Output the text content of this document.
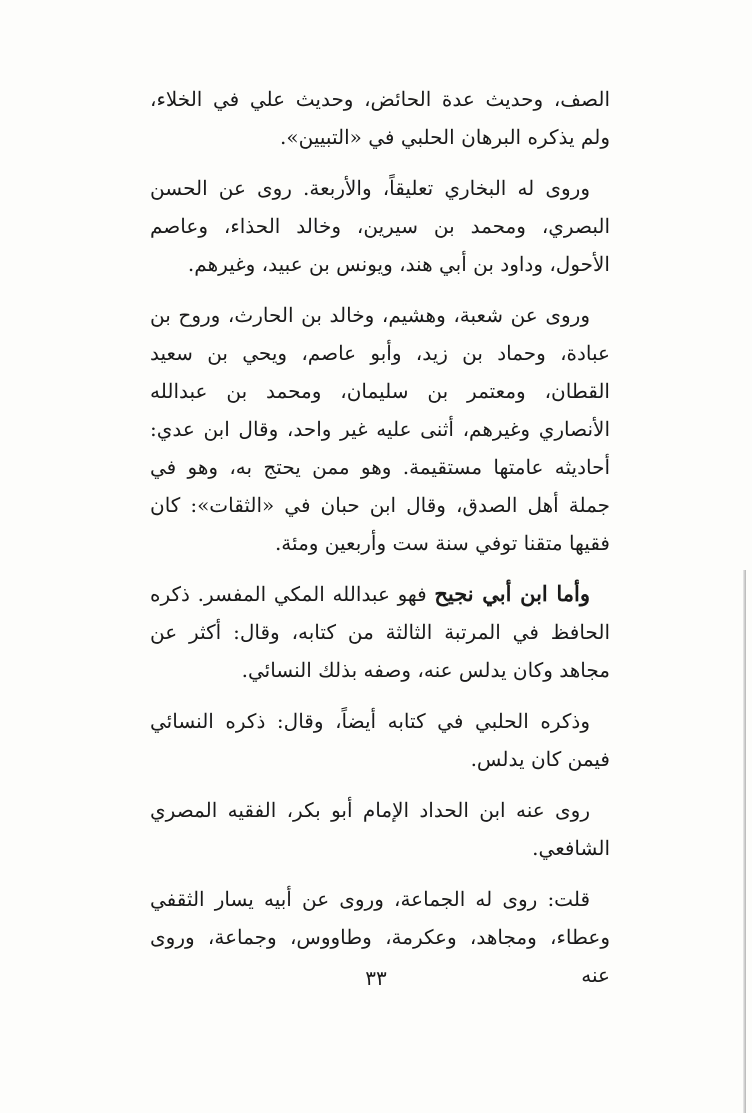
الصف، وحديث عدة الحائض، وحديث علي في الخلاء، ولم يذكره البرهان الحلبي في «التبيين».

وروى له البخاري تعليقاً، والأربعة. روى عن الحسن البصري، ومحمد بن سيرين، وخالد الحذاء، وعاصم الأحول، وداود بن أبي هند، ويونس بن عبيد، وغيرهم.

وروى عن شعبة، وهشيم، وخالد بن الحارث، وروح بن عبادة، وحماد بن زيد، وأبو عاصم، ويحي بن سعيد القطان، ومعتمر بن سليمان، ومحمد بن عبدالله الأنصاري وغيرهم، أثنى عليه غير واحد، وقال ابن عدي: أحاديثه عامتها مستقيمة. وهو ممن يحتج به، وهو في جملة أهل الصدق، وقال ابن حبان في «الثقات»: كان فقيها متقنا توفي سنة ست وأربعين ومئة.

وأما ابن أبي نجيح فهو عبدالله المكي المفسر. ذكره الحافظ في المرتبة الثالثة من كتابه، وقال: أكثر عن مجاهد وكان يدلس عنه، وصفه بذلك النسائي.

وذكره الحلبي في كتابه أيضاً، وقال: ذكره النسائي فيمن كان يدلس.

روى عنه ابن الحداد الإمام أبو بكر، الفقيه المصري الشافعي.

قلت: روى له الجماعة، وروى عن أبيه يسار الثقفي وعطاء، ومجاهد، وعكرمة، وطاووس، وجماعة، وروى عنه

٣٣
